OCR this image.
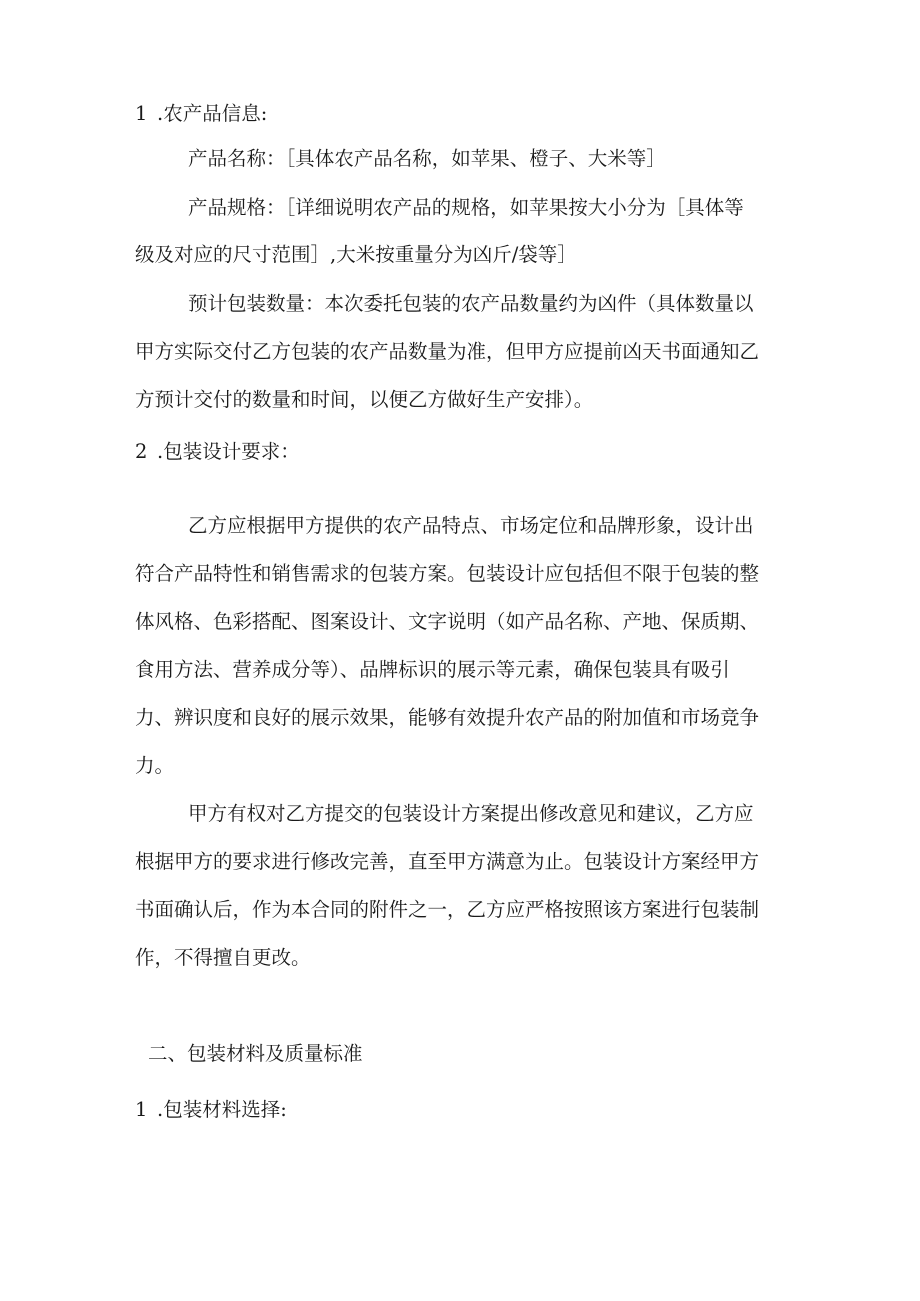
1 .农产品信息:
产品名称：［具体农产品名称，如苹果、橙子、大米等］
产品规格：［详细说明农产品的规格，如苹果按大小分为［具体等
级及对应的尺寸范围］,大米按重量分为凶斤/袋等］
预计包装数量：本次委托包装的农产品数量约为凶件（具体数量以
甲方实际交付乙方包装的农产品数量为准，但甲方应提前凶天书面通知乙
方预计交付的数量和时间，以便乙方做好生产安排）。
2 .包装设计要求：
乙方应根据甲方提供的农产品特点、市场定位和品牌形象，设计出
符合产品特性和销售需求的包装方案。包装设计应包括但不限于包装的整
体风格、色彩搭配、图案设计、文字说明（如产品名称、产地、保质期、
食用方法、营养成分等）、品牌标识的展示等元素，确保包装具有吸引
力、辨识度和良好的展示效果，能够有效提升农产品的附加值和市场竞争
力。
甲方有权对乙方提交的包装设计方案提出修改意见和建议，乙方应
根据甲方的要求进行修改完善，直至甲方满意为止。包装设计方案经甲方
书面确认后，作为本合同的附件之一，乙方应严格按照该方案进行包装制
作，不得擅自更改。
二、包装材料及质量标准
1 .包装材料选择:
